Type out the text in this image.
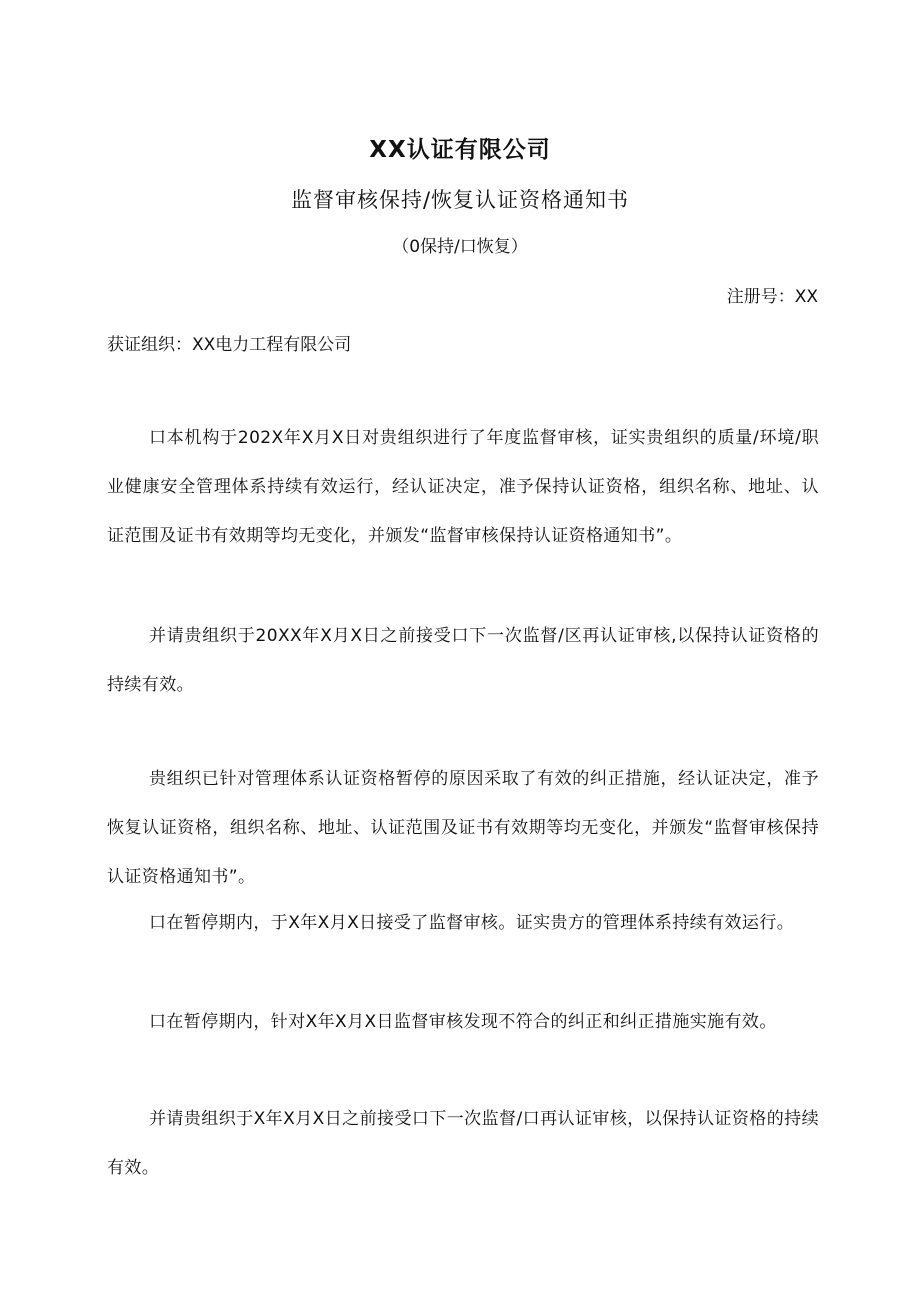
XX认证有限公司
监督审核保持/恢复认证资格通知书
（0保持/口恢复）
注册号：XX
获证组织：XX电力工程有限公司

口本机构于202X年X月X日对贵组织进行了年度监督审核，证实贵组织的质量/环境/职业健康安全管理体系持续有效运行，经认证决定，准予保持认证资格，组织名称、地址、认证范围及证书有效期等均无变化，并颁发“监督审核保持认证资格通知书”。

并请贵组织于20XX年X月X日之前接受口下一次监督/区再认证审核,以保持认证资格的持续有效。

贵组织已针对管理体系认证资格暂停的原因采取了有效的纠正措施，经认证决定，准予恢复认证资格，组织名称、地址、认证范围及证书有效期等均无变化，并颁发“监督审核保持认证资格通知书”。

口在暂停期内，于X年X月X日接受了监督审核。证实贵方的管理体系持续有效运行。

口在暂停期内，针对X年X月X日监督审核发现不符合的纠正和纠正措施实施有效。

并请贵组织于X年X月X日之前接受口下一次监督/口再认证审核，以保持认证资格的持续有效。
